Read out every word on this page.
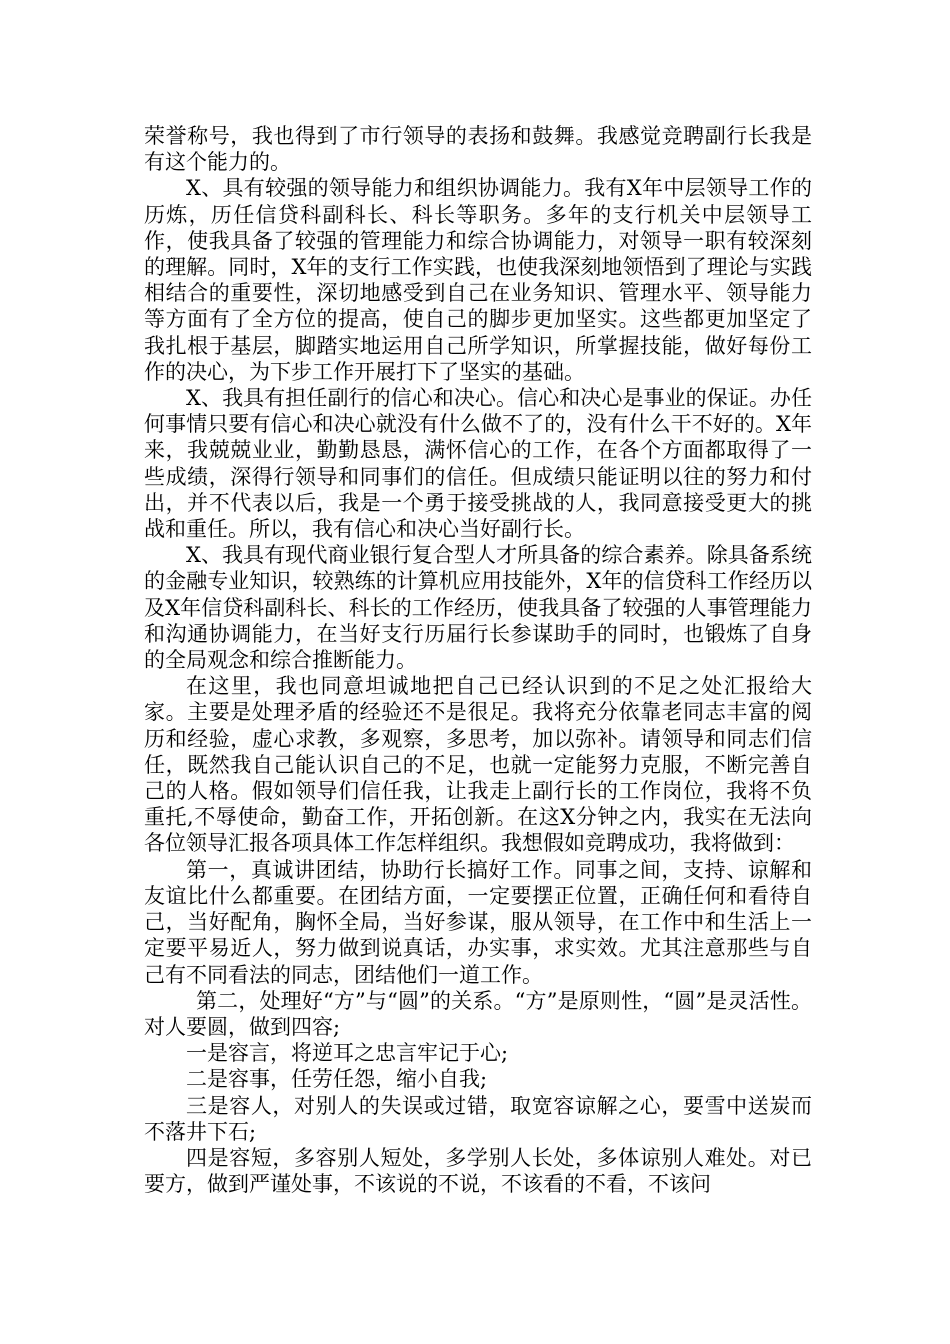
荣誉称号，我也得到了市行领导的表扬和鼓舞。我感觉竞聘副行长我是有这个能力的。

X、具有较强的领导能力和组织协调能力。我有X年中层领导工作的历炼，历任信贷科副科长、科长等职务。多年的支行机关中层领导工作，使我具备了较强的管理能力和综合协调能力，对领导一职有较深刻的理解。同时，X年的支行工作实践，也使我深刻地领悟到了理论与实践相结合的重要性，深切地感受到自己在业务知识、管理水平、领导能力等方面有了全方位的提高，使自己的脚步更加坚实。这些都更加坚定了我扎根于基层，脚踏实地运用自己所学知识，所掌握技能，做好每份工作的决心，为下步工作开展打下了坚实的基础。

X、我具有担任副行的信心和决心。信心和决心是事业的保证。办任何事情只要有信心和决心就没有什么做不了的，没有什么干不好的。X年来，我兢兢业业，勤勤恳恳，满怀信心的工作，在各个方面都取得了一些成绩，深得行领导和同事们的信任。但成绩只能证明以往的努力和付出，并不代表以后，我是一个勇于接受挑战的人，我同意接受更大的挑战和重任。所以，我有信心和决心当好副行长。

X、我具有现代商业银行复合型人才所具备的综合素养。除具备系统的金融专业知识，较熟练的计算机应用技能外，X年的信贷科工作经历以及X年信贷科副科长、科长的工作经历，使我具备了较强的人事管理能力和沟通协调能力，在当好支行历届行长参谋助手的同时，也锻炼了自身的全局观念和综合推断能力。

在这里，我也同意坦诚地把自己已经认识到的不足之处汇报给大家。主要是处理矛盾的经验还不是很足。我将充分依靠老同志丰富的阅历和经验，虚心求教，多观察，多思考，加以弥补。请领导和同志们信任，既然我自己能认识自己的不足，也就一定能努力克服，不断完善自己的人格。假如领导们信任我，让我走上副行长的工作岗位，我将不负重托,不辱使命，勤奋工作，开拓创新。在这X分钟之内，我实在无法向各位领导汇报各项具体工作怎样组织。我想假如竞聘成功，我将做到：

第一，真诚讲团结，协助行长搞好工作。同事之间，支持、谅解和友谊比什么都重要。在团结方面，一定要摆正位置，正确任何和看待自己，当好配角，胸怀全局，当好参谋，服从领导，在工作中和生活上一定要平易近人，努力做到说真话，办实事，求实效。尤其注意那些与自己有不同看法的同志，团结他们一道工作。

第二，处理好“方”与“圆”的关系。“方”是原则性，“圆”是灵活性。对人要圆，做到四容;

一是容言，将逆耳之忠言牢记于心;

二是容事，任劳任怨，缩小自我;

三是容人，对别人的失误或过错，取宽容谅解之心，要雪中送炭而不落井下石;

四是容短，多容别人短处，多学别人长处，多体谅别人难处。对已要方，做到严谨处事，不该说的不说，不该看的不看，不该问
